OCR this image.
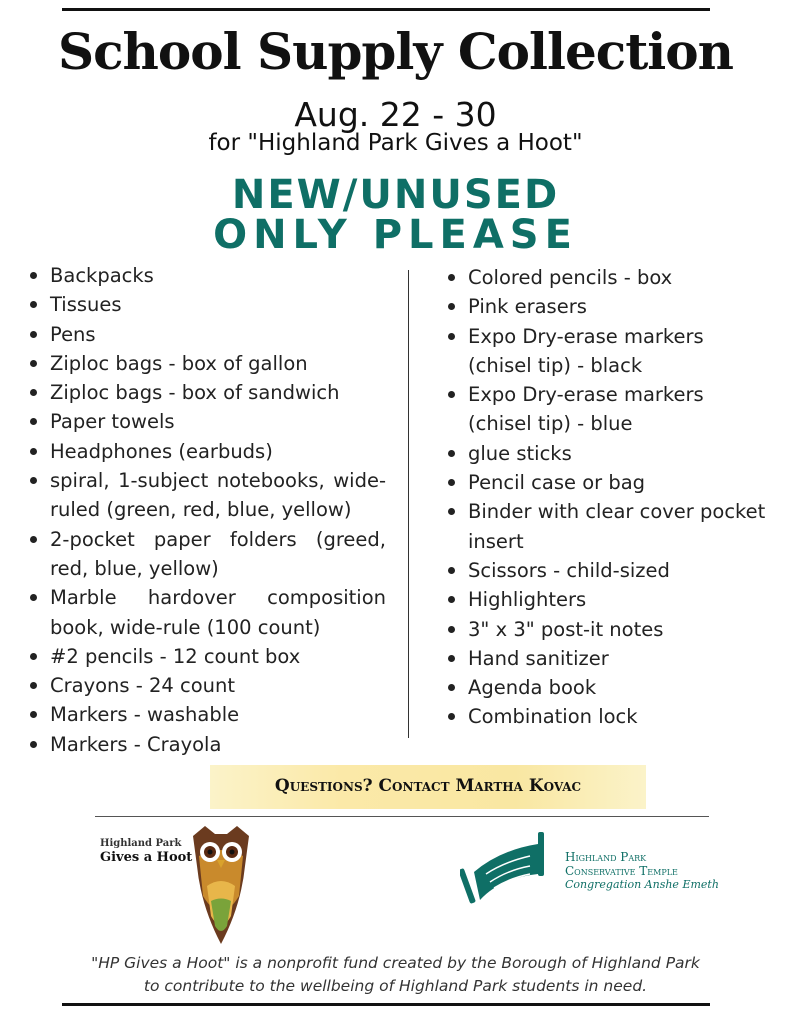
School Supply Collection
Aug. 22 - 30
for "Highland Park Gives a Hoot"
NEW/UNUSED
ONLY PLEASE
Backpacks
Tissues
Pens
Ziploc bags - box of gallon
Ziploc bags - box of sandwich
Paper towels
Headphones (earbuds)
spiral, 1-subject notebooks, wide-ruled (green, red, blue, yellow)
2-pocket paper folders (greed, red, blue, yellow)
Marble hardover composition book, wide-rule (100 count)
#2 pencils - 12 count box
Crayons - 24 count
Markers - washable
Markers - Crayola
Colored pencils - box
Pink erasers
Expo Dry-erase markers (chisel tip) - black
Expo Dry-erase markers (chisel tip) - blue
glue sticks
Pencil case or bag
Binder with clear cover pocket insert
Scissors - child-sized
Highlighters
3" x 3" post-it notes
Hand sanitizer
Agenda book
Combination lock
Questions? Contact Martha Kovac
Highland Park
Gives a Hoot	Highland Park
Conservative Temple
Congregation Anshe Emeth
"HP Gives a Hoot" is a nonprofit fund created by the Borough of Highland Park
to contribute to the wellbeing of Highland Park students in need.
